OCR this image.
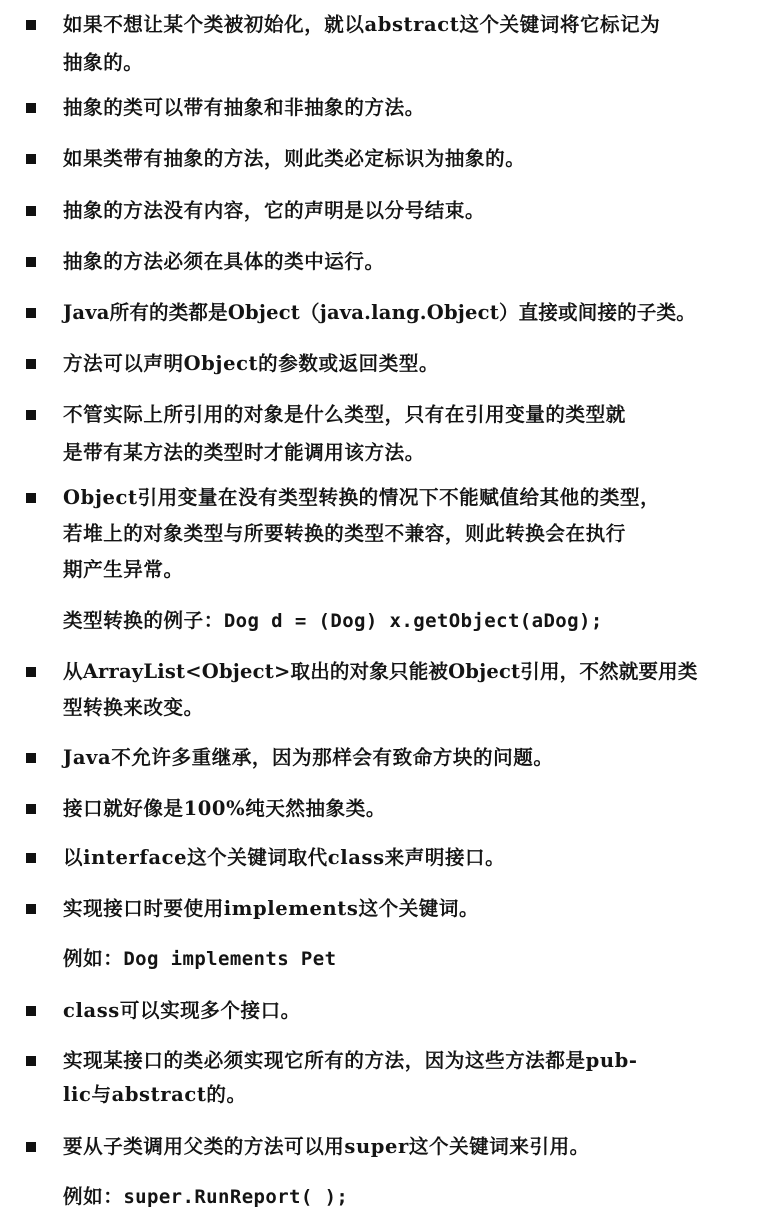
如果不想让某个类被初始化，就以abstract这个关键词将它标记为
抽象的。
抽象的类可以带有抽象和非抽象的方法。
如果类带有抽象的方法，则此类必定标识为抽象的。
抽象的方法没有内容，它的声明是以分号结束。
抽象的方法必须在具体的类中运行。
Java所有的类都是Object（java.lang.Object）直接或间接的子类。
方法可以声明Object的参数或返回类型。
不管实际上所引用的对象是什么类型，只有在引用变量的类型就
是带有某方法的类型时才能调用该方法。
Object引用变量在没有类型转换的情况下不能赋值给其他的类型，
若堆上的对象类型与所要转换的类型不兼容，则此转换会在执行
期产生异常。
类型转换的例子：Dog d = (Dog) x.getObject(aDog);
从ArrayList<Object>取出的对象只能被Object引用，不然就要用类
型转换来改变。
Java不允许多重继承，因为那样会有致命方块的问题。
接口就好像是100%纯天然抽象类。
以interface这个关键词取代class来声明接口。
实现接口时要使用implements这个关键词。
例如：Dog implements Pet
class可以实现多个接口。
实现某接口的类必须实现它所有的方法，因为这些方法都是pub-
lic与abstract的。
要从子类调用父类的方法可以用super这个关键词来引用。
例如：super.RunReport( );
